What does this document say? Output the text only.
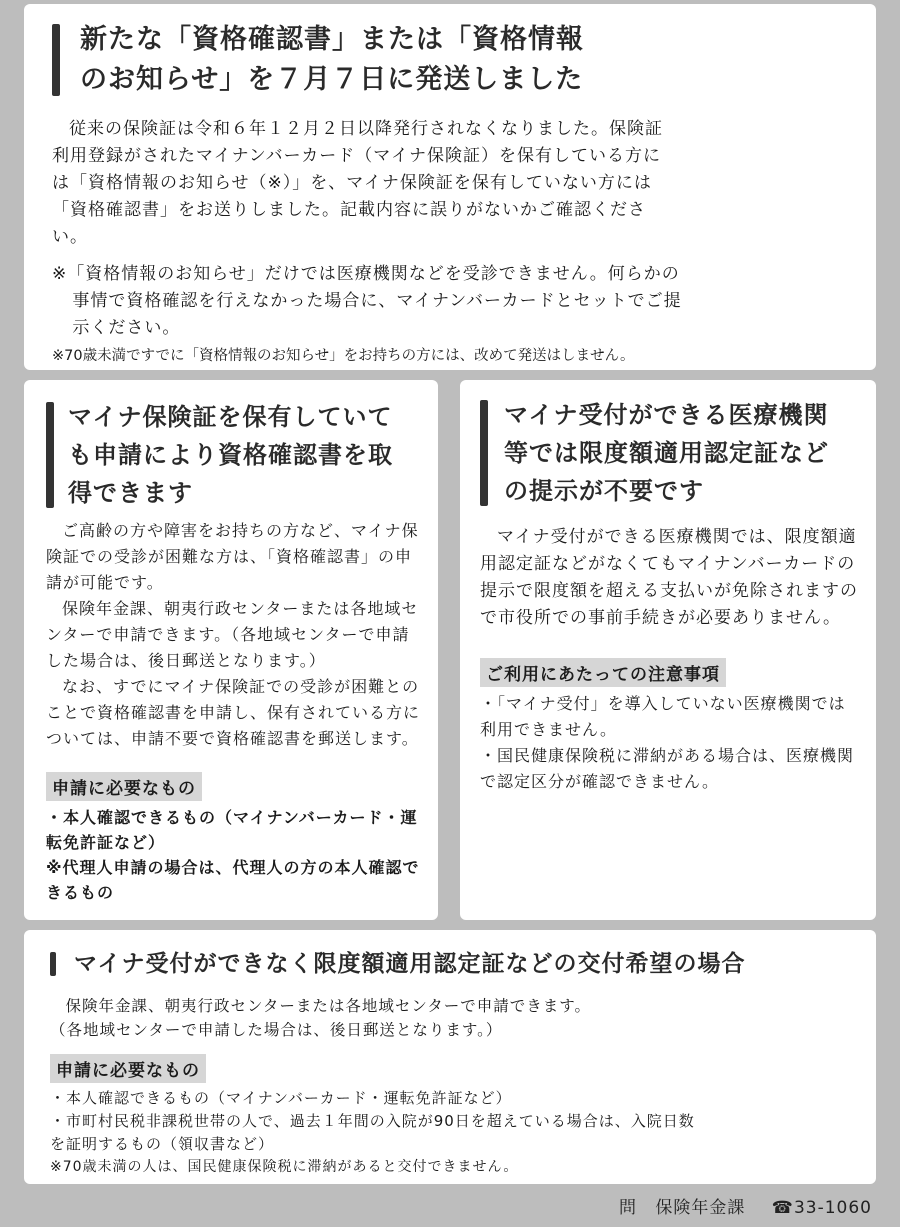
新たな「資格確認書」または「資格情報
のお知らせ」を７月７日に発送しました

従来の保険証は令和６年１２月２日以降発行されなくなりました。保険証利用登録がされたマイナンバーカード（マイナ保険証）を保有している方には「資格情報のお知らせ（※）」を、マイナ保険証を保有していない方には「資格確認書」をお送りしました。記載内容に誤りがないかご確認ください。

※「資格情報のお知らせ」だけでは医療機関などを受診できません。何らかの事情で資格確認を行えなかった場合に、マイナンバーカードとセットでご提示ください。

※70歳未満ですでに「資格情報のお知らせ」をお持ちの方には、改めて発送はしません。

マイナ保険証を保有していて
も申請により資格確認書を取
得できます

ご高齢の方や障害をお持ちの方など、マイナ保険証での受診が困難な方は、「資格確認書」の申請が可能です。

保険年金課、朝夷行政センターまたは各地域センターで申請できます。（各地域センターで申請した場合は、後日郵送となります。）

なお、すでにマイナ保険証での受診が困難とのことで資格確認書を申請し、保有されている方については、申請不要で資格確認書を郵送します。

申請に必要なもの

・本人確認できるもの（マイナンバーカード・運転免許証など）

※代理人申請の場合は、代理人の方の本人確認できるもの

マイナ受付ができる医療機関
等では限度額適用認定証など
の提示が不要です

マイナ受付ができる医療機関では、限度額適用認定証などがなくてもマイナンバーカードの提示で限度額を超える支払いが免除されますので市役所での事前手続きが必要ありません。

ご利用にあたっての注意事項

・「マイナ受付」を導入していない医療機関では利用できません。

・国民健康保険税に滞納がある場合は、医療機関で認定区分が確認できません。

マイナ受付ができなく限度額適用認定証などの交付希望の場合

保険年金課、朝夷行政センターまたは各地域センターで申請できます。

（各地域センターで申請した場合は、後日郵送となります。）

申請に必要なもの

・本人確認できるもの（マイナンバーカード・運転免許証など）

・市町村民税非課税世帯の人で、過去１年間の入院が90日を超えている場合は、入院日数を証明するもの（領収書など）

※70歳未満の人は、国民健康保険税に滞納があると交付できません。

問 保険年金課 ☎33-1060
